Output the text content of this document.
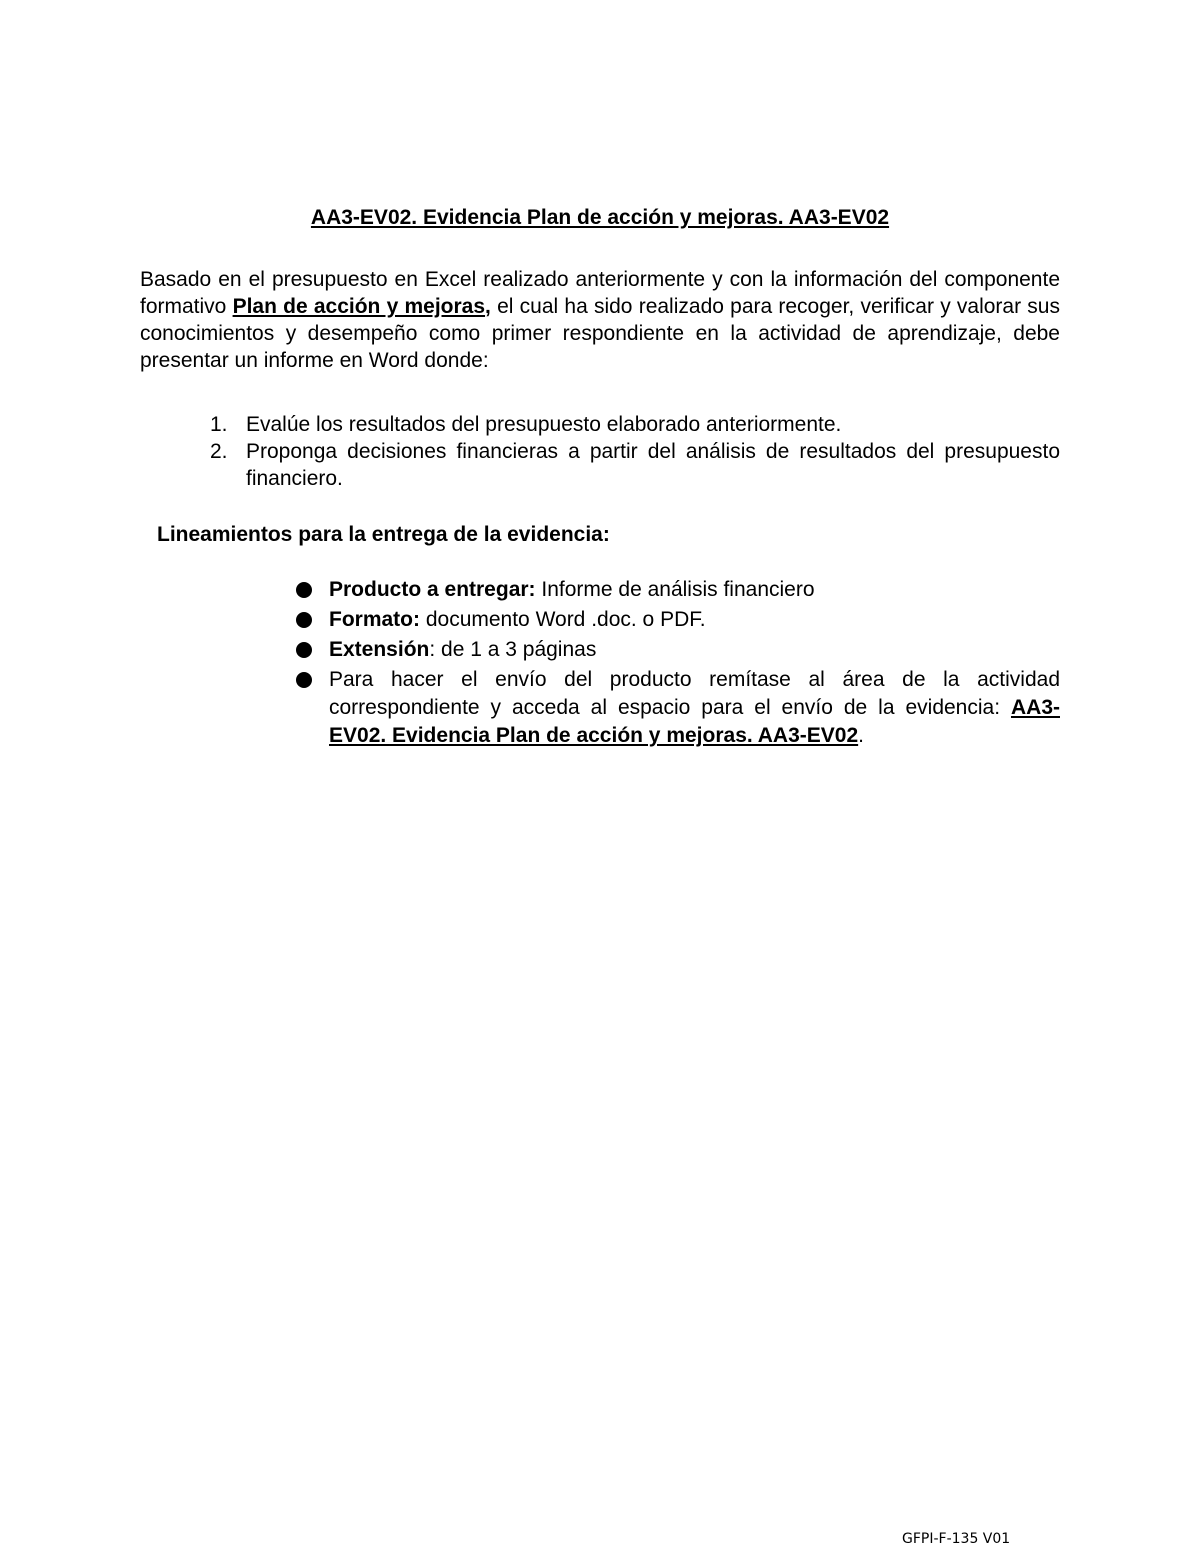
AA3-EV02. Evidencia Plan de acción y mejoras. AA3-EV02

Basado en el presupuesto en Excel realizado anteriormente y con la información del componente formativo Plan de acción y mejoras, el cual ha sido realizado para recoger, verificar y valorar sus conocimientos y desempeño como primer respondiente en la actividad de aprendizaje, debe presentar un informe en Word donde:

1. Evalúe los resultados del presupuesto elaborado anteriormente.
2. Proponga decisiones financieras a partir del análisis de resultados del presupuesto financiero.
Lineamientos para la entrega de la evidencia:
Producto a entregar: Informe de análisis financiero
Formato: documento Word .doc. o PDF.
Extensión: de 1 a 3 páginas
Para hacer el envío del producto remítase al área de la actividad correspondiente y acceda al espacio para el envío de la evidencia: AA3-EV02. Evidencia Plan de acción y mejoras. AA3-EV02.
GFPI-F-135 V01
